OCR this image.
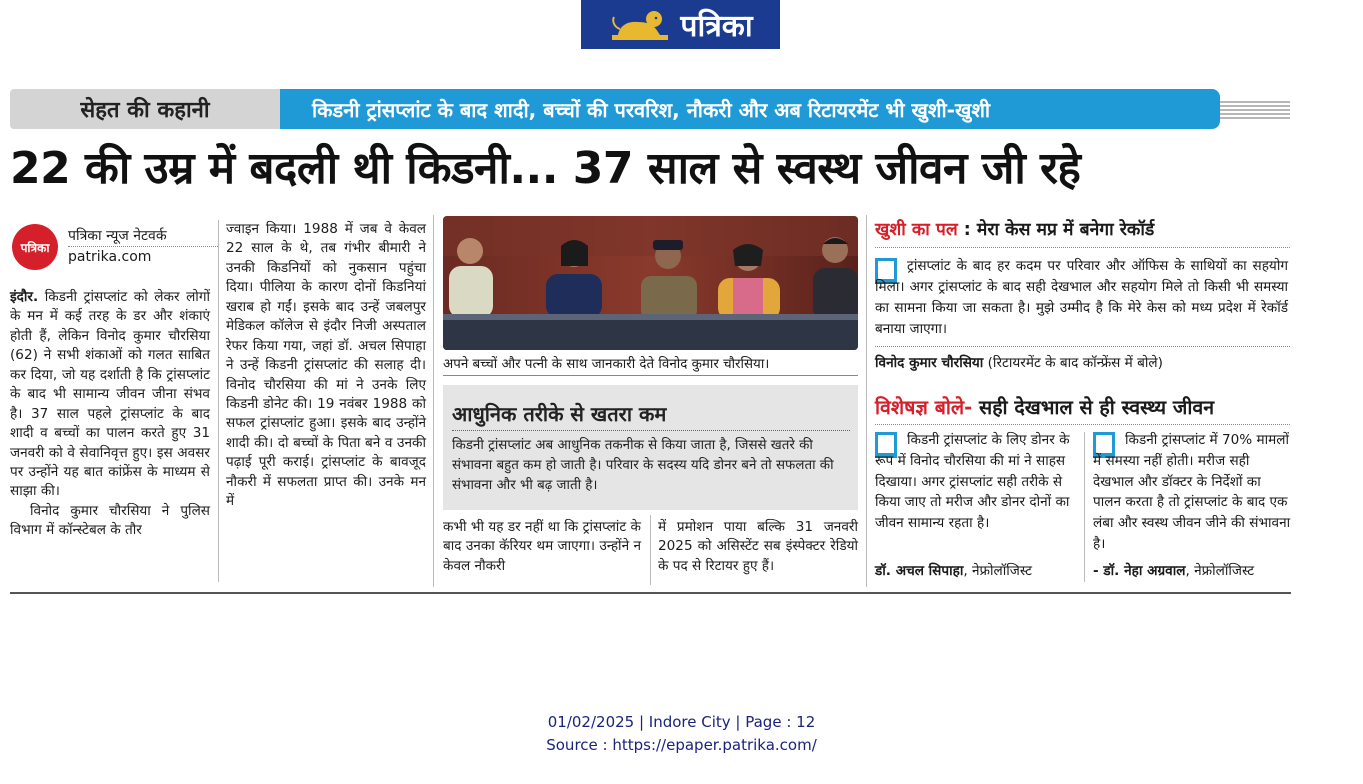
पत्रिका
सेहत की कहानी	किडनी ट्रांसप्लांट के बाद शादी, बच्चों की परवरिश, नौकरी और अब रिटायरमेंट भी खुशी-खुशी
22 की उम्र में बदली थी किडनी... 37 साल से स्वस्थ जीवन जी रहे
पत्रिका
पत्रिका न्यूज नेटवर्क
patrika.com

इंदौर. किडनी ट्रांसप्लांट को लेकर लोगों के मन में कई तरह के डर और शंकाएं होती हैं, लेकिन विनोद कुमार चौरसिया (62) ने सभी शंकाओं को गलत साबित कर दिया, जो यह दर्शाती है कि ट्रांसप्लांट के बाद भी सामान्य जीवन जीना संभव है। 37 साल पहले ट्रांसप्लांट के बाद शादी व बच्चों का पालन करते हुए 31 जनवरी को वे सेवानिवृत्त हुए। इस अवसर पर उन्होंने यह बात कांफ्रेंस के माध्यम से साझा की।

विनोद कुमार चौरसिया ने पुलिस विभाग में कॉन्स्टेबल के तौर

ज्वाइन किया। 1988 में जब वे केवल 22 साल के थे, तब गंभीर बीमारी ने उनकी किडनियों को नुकसान पहुंचा दिया। पीलिया के कारण दोनों किडनियां खराब हो गईं। इसके बाद उन्हें जबलपुर मेडिकल कॉलेज से इंदौर निजी अस्पताल रेफर किया गया, जहां डॉ. अचल सिपाहा ने उन्हें किडनी ट्रांसप्लांट की सलाह दी। विनोद चौरसिया की मां ने उनके लिए किडनी डोनेट की। 19 नवंबर 1988 को सफल ट्रांसप्लांट हुआ। इसके बाद उन्होंने शादी की। दो बच्चों के पिता बने व उनकी पढ़ाई पूरी कराई। ट्रांसप्लांट के बावजूद नौकरी में सफलता प्राप्त की। उनके मन में
अपने बच्चों और पत्नी के साथ जानकारी देते विनोद कुमार चौरसिया।
आधुनिक तरीके से खतरा कम
किडनी ट्रांसप्लांट अब आधुनिक तकनीक से किया जाता है, जिससे खतरे की संभावना बहुत कम हो जाती है। परिवार के सदस्य यदि डोनर बने तो सफलता की संभावना और भी बढ़ जाती है।
कभी भी यह डर नहीं था कि ट्रांसप्लांट के बाद उनका कॅरियर थम जाएगा। उन्होंने न केवल नौकरी
में प्रमोशन पाया बल्कि 31 जनवरी 2025 को असिस्टेंट सब इंस्पेक्टर रेडियो के पद से रिटायर हुए हैं।
खुशी का पल : मेरा केस मप्र में बनेगा रेकॉर्ड
ट्रांसप्लांट के बाद हर कदम पर परिवार और ऑफिस के साथियों का सहयोग मिला। अगर ट्रांसप्लांट के बाद सही देखभाल और सहयोग मिले तो किसी भी समस्या का सामना किया जा सकता है। मुझे उम्मीद है कि मेरे केस को मध्य प्रदेश में रेकॉर्ड बनाया जाएगा।
विनोद कुमार चौरसिया (रिटायरमेंट के बाद कॉन्फ्रेंस में बोले)
विशेषज्ञ बोले- सही देखभाल से ही स्वस्थ्य जीवन
किडनी ट्रांसप्लांट के लिए डोनर के रूप में विनोद चौरसिया की मां ने साहस दिखाया। अगर ट्रांसप्लांट सही तरीके से किया जाए तो मरीज और डोनर दोनों का जीवन सामान्य रहता है।
डॉ. अचल सिपाहा, नेफ्रोलॉजिस्ट
किडनी ट्रांसप्लांट में 70% मामलों में समस्या नहीं होती। मरीज सही देखभाल और डॉक्टर के निर्देशों का पालन करता है तो ट्रांसप्लांट के बाद एक लंबा और स्वस्थ जीवन जीने की संभावना है।
- डॉ. नेहा अग्रवाल, नेफ्रोलॉजिस्ट
01/02/2025 | Indore City | Page : 12
Source : https://epaper.patrika.com/
